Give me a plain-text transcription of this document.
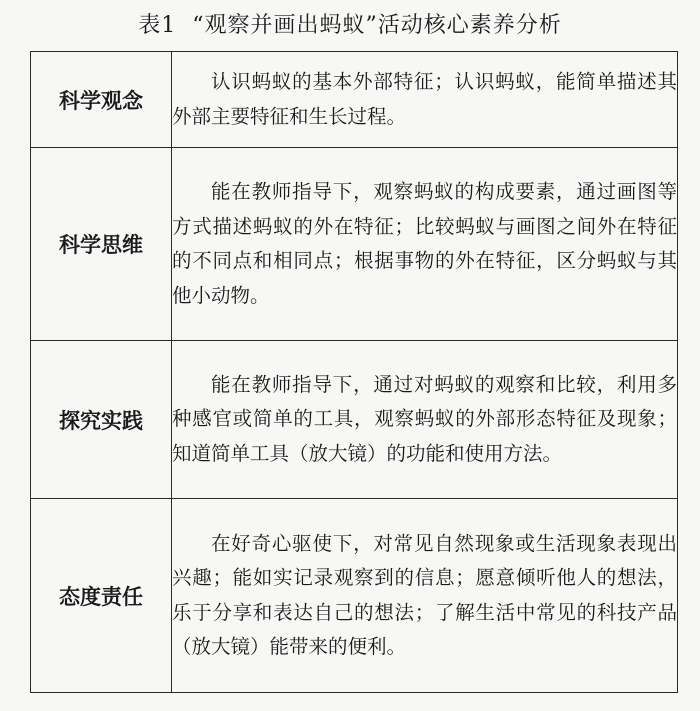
表1 “观察并画出蚂蚁”活动核心素养分析
科学观念	认识蚂蚁的基本外部特征；认识蚂蚁，能简单描述其外部主要特征和生长过程。

科学思维	能在教师指导下，观察蚂蚁的构成要素，通过画图等方式描述蚂蚁的外在特征；比较蚂蚁与画图之间外在特征的不同点和相同点；根据事物的外在特征，区分蚂蚁与其他小动物。

探究实践	能在教师指导下，通过对蚂蚁的观察和比较，利用多种感官或简单的工具，观察蚂蚁的外部形态特征及现象；知道简单工具（放大镜）的功能和使用方法。

态度责任	在好奇心驱使下，对常见自然现象或生活现象表现出兴趣；能如实记录观察到的信息；愿意倾听他人的想法，乐于分享和表达自己的想法；了解生活中常见的科技产品（放大镜）能带来的便利。
